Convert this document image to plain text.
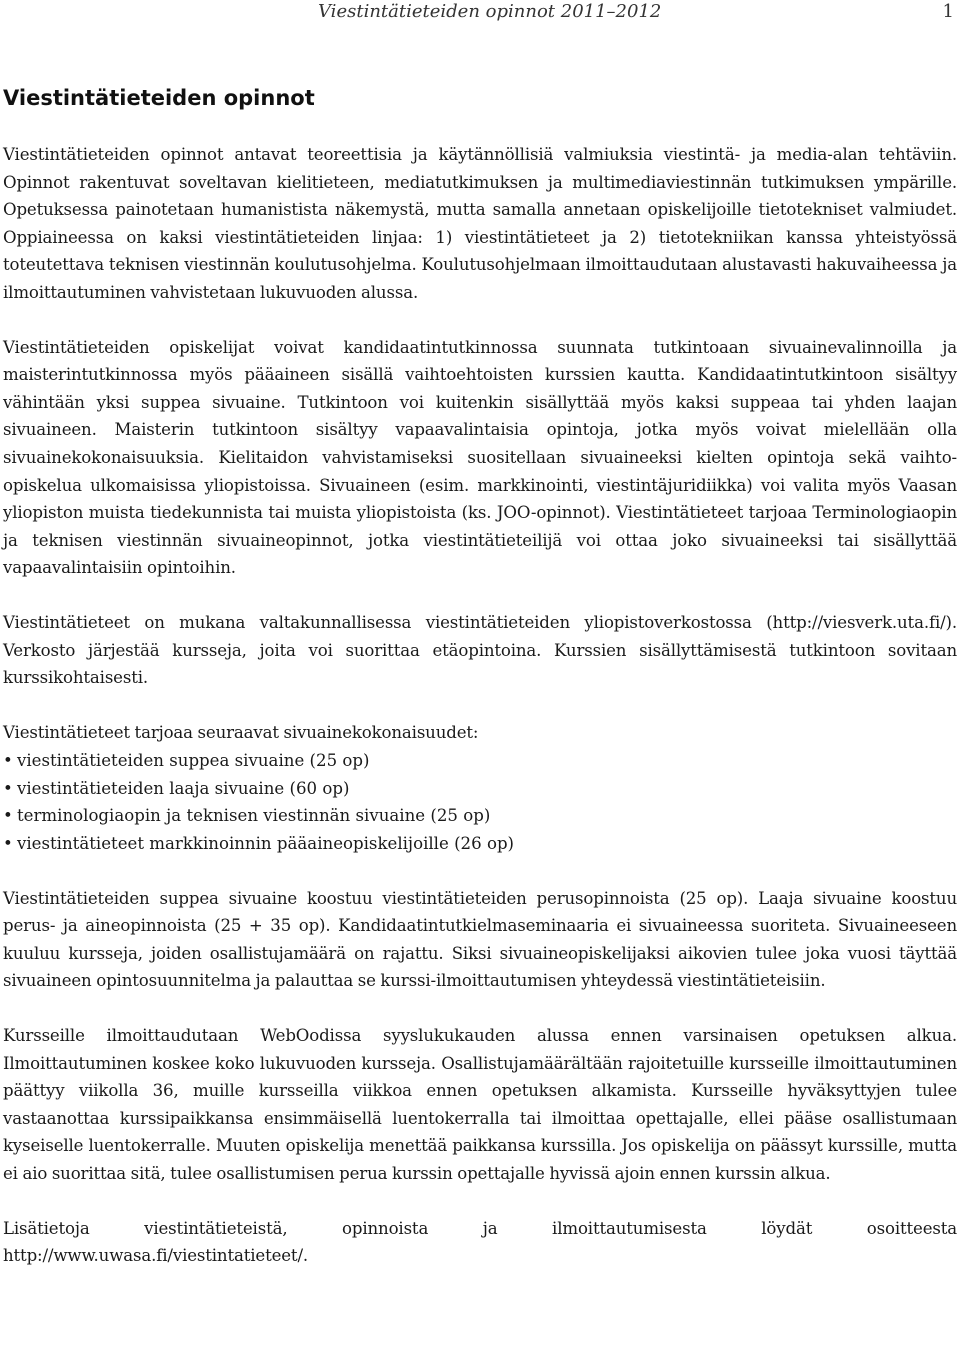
Viestintätieteiden opinnot 2011–2012	1
Viestintätieteiden opinnot

Viestintätieteiden opinnot antavat teoreettisia ja käytännöllisiä valmiuksia viestintä- ja media-alan tehtäviin. Opinnot rakentuvat soveltavan kielitieteen, mediatutkimuksen ja multimediaviestinnän tutkimuksen ympärille. Opetuksessa painotetaan humanistista näkemystä, mutta samalla annetaan opiskelijoille tietotekniset valmiudet. Oppiaineessa on kaksi viestintätieteiden linjaa: 1) viestintätieteet ja 2) tietotekniikan kanssa yhteistyössä toteutettava teknisen viestinnän koulutusohjelma. Koulutusohjelmaan ilmoittaudutaan alustavasti hakuvaiheessa ja ilmoittautuminen vahvistetaan lukuvuoden alussa.

Viestintätieteiden opiskelijat voivat kandidaatintutkinnossa suunnata tutkintoaan sivuainevalinnoilla ja maisterintutkinnossa myös pääaineen sisällä vaihtoehtoisten kurssien kautta. Kandidaatintutkintoon sisältyy vähintään yksi suppea sivuaine. Tutkintoon voi kuitenkin sisällyttää myös kaksi suppeaa tai yhden laajan sivuaineen. Maisterin tutkintoon sisältyy vapaavalintaisia opintoja, jotka myös voivat mielellään olla sivuainekokonaisuuksia. Kielitaidon vahvistamiseksi suositellaan sivuaineeksi kielten opintoja sekä vaihto-opiskelua ulkomaisissa yliopistoissa. Sivuaineen (esim. markkinointi, viestintäjuridiikka) voi valita myös Vaasan yliopiston muista tiedekunnista tai muista yliopistoista (ks. JOO-opinnot). Viestintätieteet tarjoaa Terminologiaopin ja teknisen viestinnän sivuaineopinnot, jotka viestintätieteilijä voi ottaa joko sivuaineeksi tai sisällyttää vapaavalintaisiin opintoihin.

Viestintätieteet on mukana valtakunnallisessa viestintätieteiden yliopistoverkostossa (http://viesverk.uta.fi/). Verkosto järjestää kursseja, joita voi suorittaa etäopintoina. Kurssien sisällyttämisestä tutkintoon sovitaan kurssikohtaisesti.

Viestintätieteet tarjoaa seuraavat sivuainekokonaisuudet:

• viestintätieteiden suppea sivuaine (25 op)
• viestintätieteiden laaja sivuaine (60 op)
• terminologiaopin ja teknisen viestinnän sivuaine (25 op)
• viestintätieteet markkinoinnin pääaineopiskelijoille (26 op)

Viestintätieteiden suppea sivuaine koostuu viestintätieteiden perusopinnoista (25 op). Laaja sivuaine koostuu perus- ja aineopinnoista (25 + 35 op). Kandidaatintutkielmaseminaaria ei sivuaineessa suoriteta. Sivuaineeseen kuuluu kursseja, joiden osallistujamäärä on rajattu. Siksi sivuaineopiskelijaksi aikovien tulee joka vuosi täyttää sivuaineen opintosuunnitelma ja palauttaa se kurssi-ilmoittautumisen yhteydessä viestintätieteisiin.

Kursseille ilmoittaudutaan WebOodissa syyslukukauden alussa ennen varsinaisen opetuksen alkua. Ilmoittautuminen koskee koko lukuvuoden kursseja. Osallistujamäärältään rajoitetuille kursseille ilmoittautuminen päättyy viikolla 36, muille kursseilla viikkoa ennen opetuksen alkamista. Kursseille hyväksyttyjen tulee vastaanottaa kurssipaikkansa ensimmäisellä luentokerralla tai ilmoittaa opettajalle, ellei pääse osallistumaan kyseiselle luentokerralle. Muuten opiskelija menettää paikkansa kurssilla. Jos opiskelija on päässyt kurssille, mutta ei aio suorittaa sitä, tulee osallistumisen perua kurssin opettajalle hyvissä ajoin ennen kurssin alkua.

Lisätietoja viestintätieteistä, opinnoista ja ilmoittautumisesta löydät osoitteesta http://www.uwasa.fi/viestintatieteet/.
